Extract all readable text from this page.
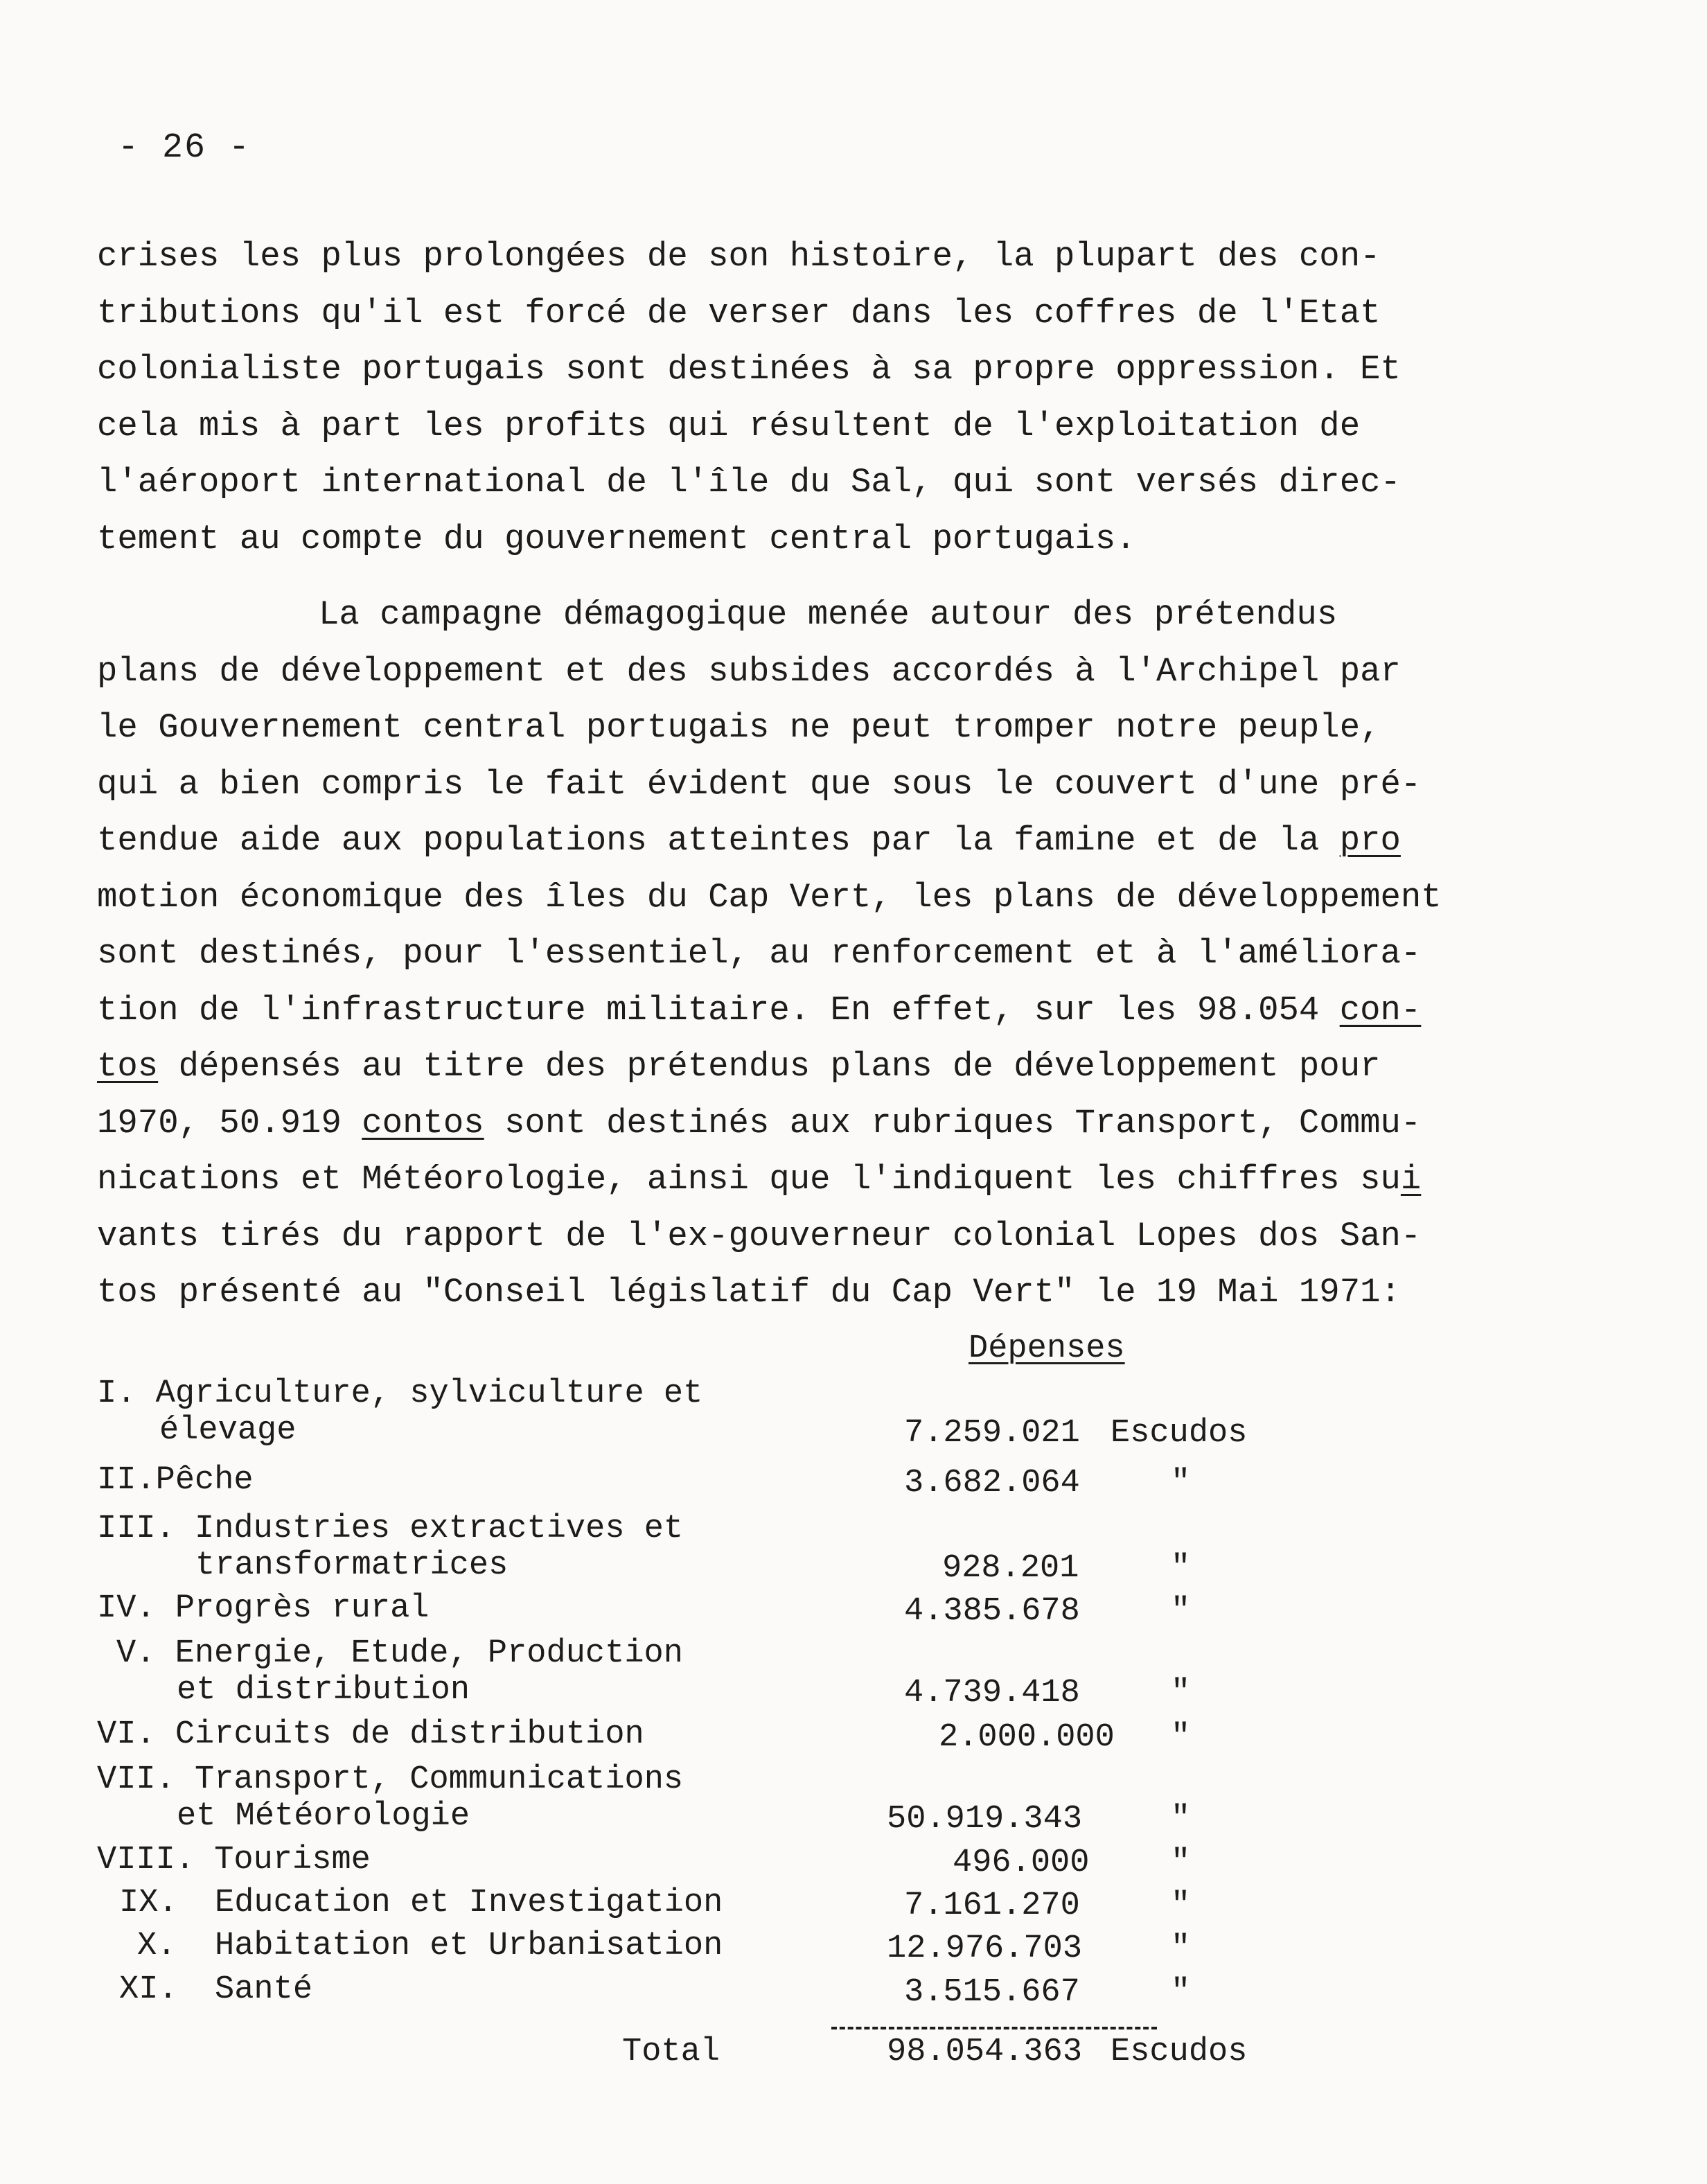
- 26 -
crises les plus prolongées de son histoire, la plupart des con-
tributions qu'il est forcé de verser dans les coffres de l'Etat
colonialiste portugais sont destinées à sa propre oppression. Et
cela mis à part les profits qui résultent de l'exploitation de
l'aéroport international de l'île du Sal, qui sont versés direc-
tement au compte du gouvernement central portugais.
La campagne démagogique menée autour des prétendus
plans de développement et des subsides accordés à l'Archipel par
le Gouvernement central portugais ne peut tromper notre peuple,
qui a bien compris le fait évident que sous le couvert d'une pré-
tendue aide aux populations atteintes par la famine et de la pro
motion économique des îles du Cap Vert, les plans de développement
sont destinés, pour l'essentiel, au renforcement et à l'améliora-
tion de l'infrastructure militaire. En effet, sur les 98.054 con-
tos dépensés au titre des prétendus plans de développement pour
1970, 50.919 contos sont destinés aux rubriques Transport, Commu-
nications et Météorologie, ainsi que l'indiquent les chiffres sui
vants tirés du rapport de l'ex-gouverneur colonial Lopes dos San-
tos présenté au "Conseil législatif du Cap Vert" le 19 Mai 1971:
Dépenses
I. Agriculture, sylviculture et
élevage	7.259.021 Escudos
II.Pêche	3.682.064	"
III. Industries extractives et
transformatrices	928.201	"
IV. Progrès rural	4.385.678	"
V. Energie, Etude, Production
et distribution	4.739.418	"
VI. Circuits de distribution	2.000.000 "
VII. Transport, Communications
et Météorologie	50.919.343	"
VIII. Tourisme	496.000	"
IX. Education et Investigation	7.161.270	"
X. Habitation et Urbanisation	12.976.703	"
XI. Santé	3.515.667	"
Total	98.054.363 Escudos
